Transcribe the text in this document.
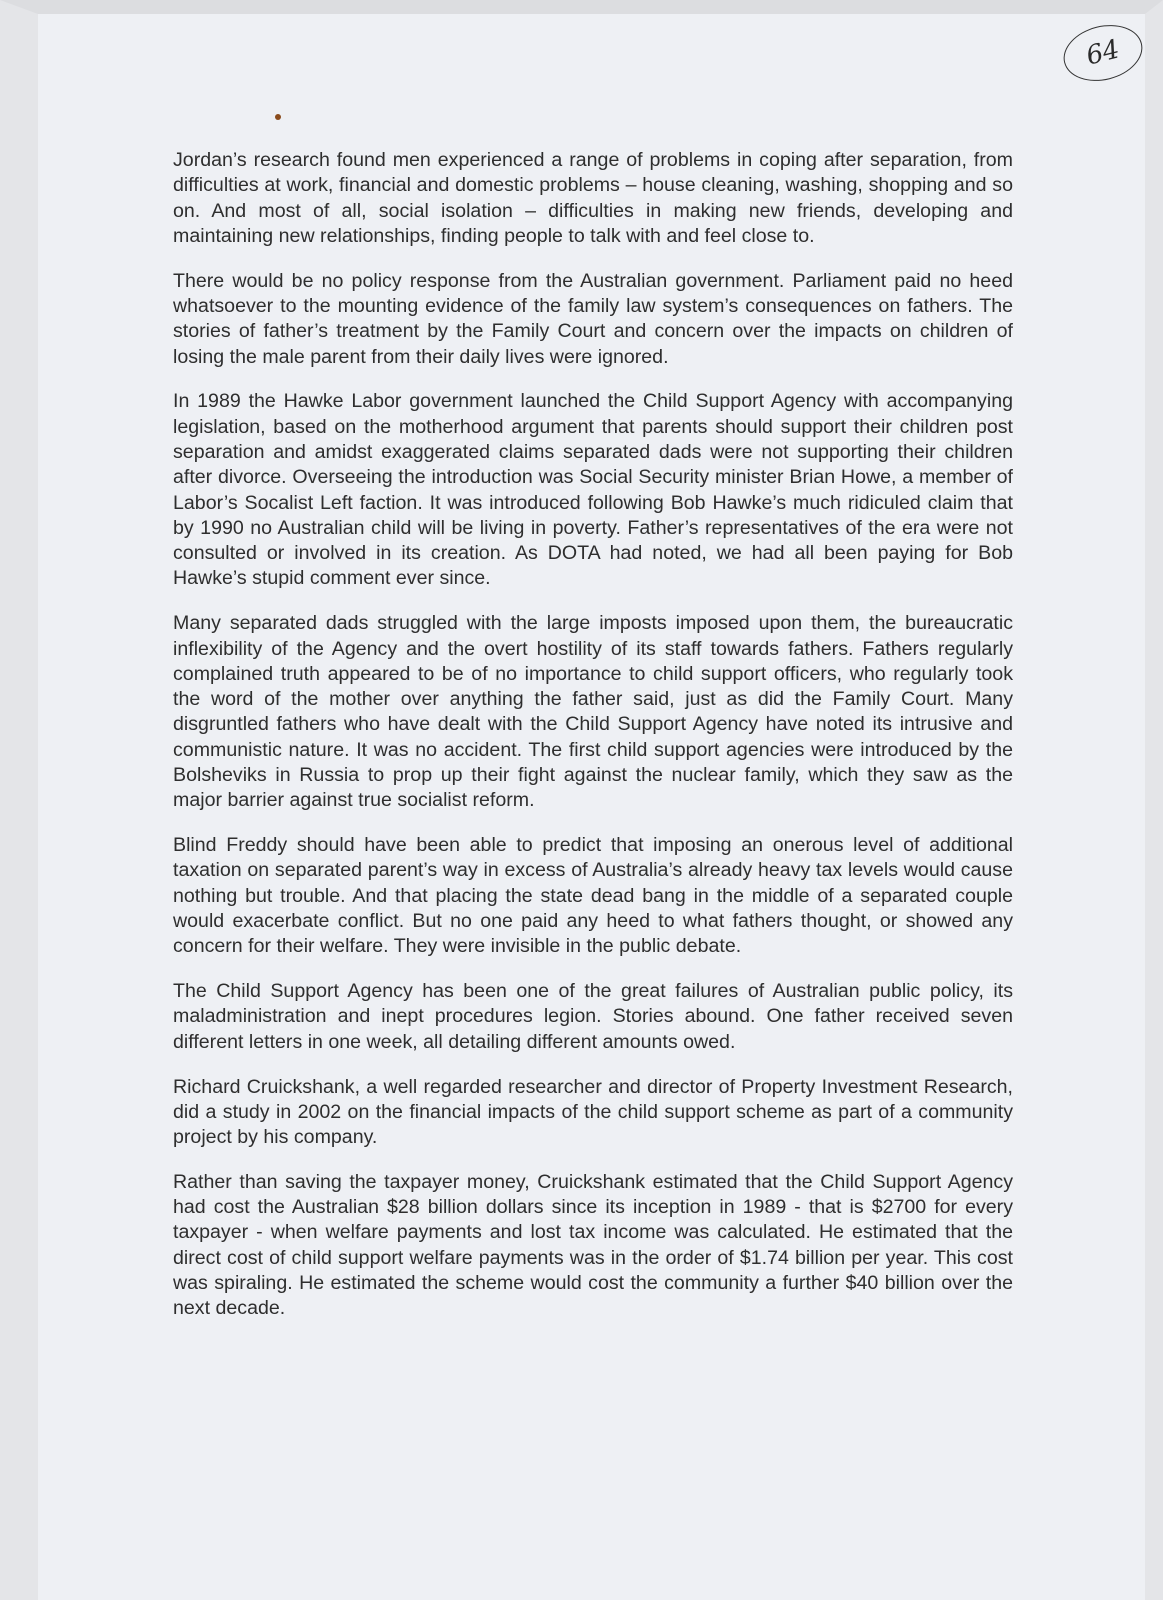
64

Jordan’s research found men experienced a range of problems in coping after separation, from difficulties at work, financial and domestic problems – house cleaning, washing, shopping and so on. And most of all, social isolation – difficulties in making new friends, developing and maintaining new relationships, finding people to talk with and feel close to.

There would be no policy response from the Australian government. Parliament paid no heed whatsoever to the mounting evidence of the family law system’s consequences on fathers. The stories of father’s treatment by the Family Court and concern over the impacts on children of losing the male parent from their daily lives were ignored.

In 1989 the Hawke Labor government launched the Child Support Agency with accompanying legislation, based on the motherhood argument that parents should support their children post separation and amidst exaggerated claims separated dads were not supporting their children after divorce. Overseeing the introduction was Social Security minister Brian Howe, a member of Labor’s Socalist Left faction. It was introduced following Bob Hawke’s much ridiculed claim that by 1990 no Australian child will be living in poverty. Father’s representatives of the era were not consulted or involved in its creation. As DOTA had noted, we had all been paying for Bob Hawke’s stupid comment ever since.

Many separated dads struggled with the large imposts imposed upon them, the bureaucratic inflexibility of the Agency and the overt hostility of its staff towards fathers. Fathers regularly complained truth appeared to be of no importance to child support officers, who regularly took the word of the mother over anything the father said, just as did the Family Court. Many disgruntled fathers who have dealt with the Child Support Agency have noted its intrusive and communistic nature. It was no accident. The first child support agencies were introduced by the Bolsheviks in Russia to prop up their fight against the nuclear family, which they saw as the major barrier against true socialist reform.

Blind Freddy should have been able to predict that imposing an onerous level of additional taxation on separated parent’s way in excess of Australia’s already heavy tax levels would cause nothing but trouble. And that placing the state dead bang in the middle of a separated couple would exacerbate conflict. But no one paid any heed to what fathers thought, or showed any concern for their welfare. They were invisible in the public debate.

The Child Support Agency has been one of the great failures of Australian public policy, its maladministration and inept procedures legion. Stories abound. One father received seven different letters in one week, all detailing different amounts owed.

Richard Cruickshank, a well regarded researcher and director of Property Investment Research, did a study in 2002 on the financial impacts of the child support scheme as part of a community project by his company.

Rather than saving the taxpayer money, Cruickshank estimated that the Child Support Agency had cost the Australian $28 billion dollars since its inception in 1989 - that is $2700 for every taxpayer - when welfare payments and lost tax income was calculated. He estimated that the direct cost of child support welfare payments was in the order of $1.74 billion per year. This cost was spiraling. He estimated the scheme would cost the community a further $40 billion over the next decade.
